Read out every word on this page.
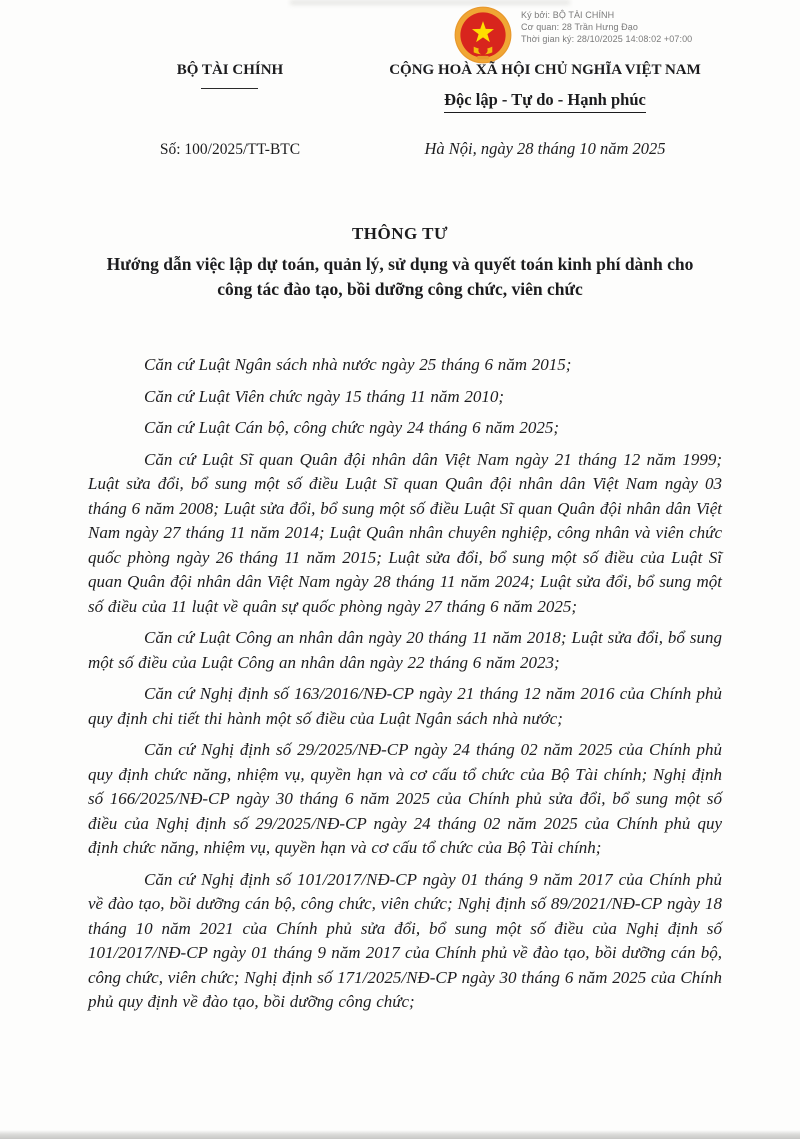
Ký bởi: BỘ TÀI CHÍNH
Cơ quan: 28 Trần Hưng Đạo
Thời gian ký: 28/10/2025 14:08:02 +07:00
BỘ TÀI CHÍNH	CỘNG HOÀ XÃ HỘI CHỦ NGHĨA VIỆT NAM
Độc lập - Tự do - Hạnh phúc
Số: 100/2025/TT-BTC	Hà Nội, ngày 28 tháng 10 năm 2025
THÔNG TƯ
Hướng dẫn việc lập dự toán, quản lý, sử dụng và quyết toán kinh phí dành cho công tác đào tạo, bồi dưỡng công chức, viên chức

Căn cứ Luật Ngân sách nhà nước ngày 25 tháng 6 năm 2015;

Căn cứ Luật Viên chức ngày 15 tháng 11 năm 2010;

Căn cứ Luật Cán bộ, công chức ngày 24 tháng 6 năm 2025;

Căn cứ Luật Sĩ quan Quân đội nhân dân Việt Nam ngày 21 tháng 12 năm 1999; Luật sửa đổi, bổ sung một số điều Luật Sĩ quan Quân đội nhân dân Việt Nam ngày 03 tháng 6 năm 2008; Luật sửa đổi, bổ sung một số điều Luật Sĩ quan Quân đội nhân dân Việt Nam ngày 27 tháng 11 năm 2014; Luật Quân nhân chuyên nghiệp, công nhân và viên chức quốc phòng ngày 26 tháng 11 năm 2015; Luật sửa đổi, bổ sung một số điều của Luật Sĩ quan Quân đội nhân dân Việt Nam ngày 28 tháng 11 năm 2024; Luật sửa đổi, bổ sung một số điều của 11 luật về quân sự quốc phòng ngày 27 tháng 6 năm 2025;

Căn cứ Luật Công an nhân dân ngày 20 tháng 11 năm 2018; Luật sửa đổi, bổ sung một số điều của Luật Công an nhân dân ngày 22 tháng 6 năm 2023;

Căn cứ Nghị định số 163/2016/NĐ-CP ngày 21 tháng 12 năm 2016 của Chính phủ quy định chi tiết thi hành một số điều của Luật Ngân sách nhà nước;

Căn cứ Nghị định số 29/2025/NĐ-CP ngày 24 tháng 02 năm 2025 của Chính phủ quy định chức năng, nhiệm vụ, quyền hạn và cơ cấu tổ chức của Bộ Tài chính; Nghị định số 166/2025/NĐ-CP ngày 30 tháng 6 năm 2025 của Chính phủ sửa đổi, bổ sung một số điều của Nghị định số 29/2025/NĐ-CP ngày 24 tháng 02 năm 2025 của Chính phủ quy định chức năng, nhiệm vụ, quyền hạn và cơ cấu tổ chức của Bộ Tài chính;

Căn cứ Nghị định số 101/2017/NĐ-CP ngày 01 tháng 9 năm 2017 của Chính phủ về đào tạo, bồi dưỡng cán bộ, công chức, viên chức; Nghị định số 89/2021/NĐ-CP ngày 18 tháng 10 năm 2021 của Chính phủ sửa đổi, bổ sung một số điều của Nghị định số 101/2017/NĐ-CP ngày 01 tháng 9 năm 2017 của Chính phủ về đào tạo, bồi dưỡng cán bộ, công chức, viên chức; Nghị định số 171/2025/NĐ-CP ngày 30 tháng 6 năm 2025 của Chính phủ quy định về đào tạo, bồi dưỡng công chức;
